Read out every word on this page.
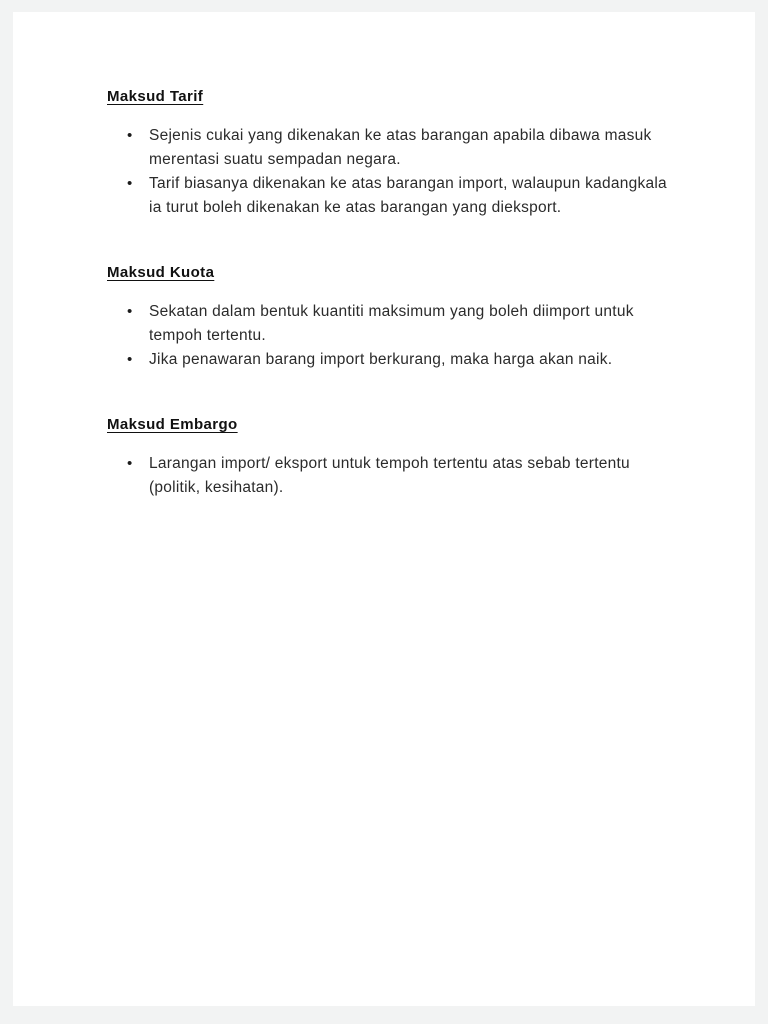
Maksud Tarif
•	Sejenis cukai yang dikenakan ke atas barangan apabila dibawa masuk merentasi suatu sempadan negara.
•	Tarif biasanya dikenakan ke atas barangan import, walaupun kadangkala ia turut boleh dikenakan ke atas barangan yang dieksport.
Maksud Kuota
•	Sekatan dalam bentuk kuantiti maksimum yang boleh diimport untuk tempoh tertentu.
•	Jika penawaran barang import berkurang, maka harga akan naik.
Maksud Embargo
•	Larangan import/ eksport untuk tempoh tertentu atas sebab tertentu (politik, kesihatan).
